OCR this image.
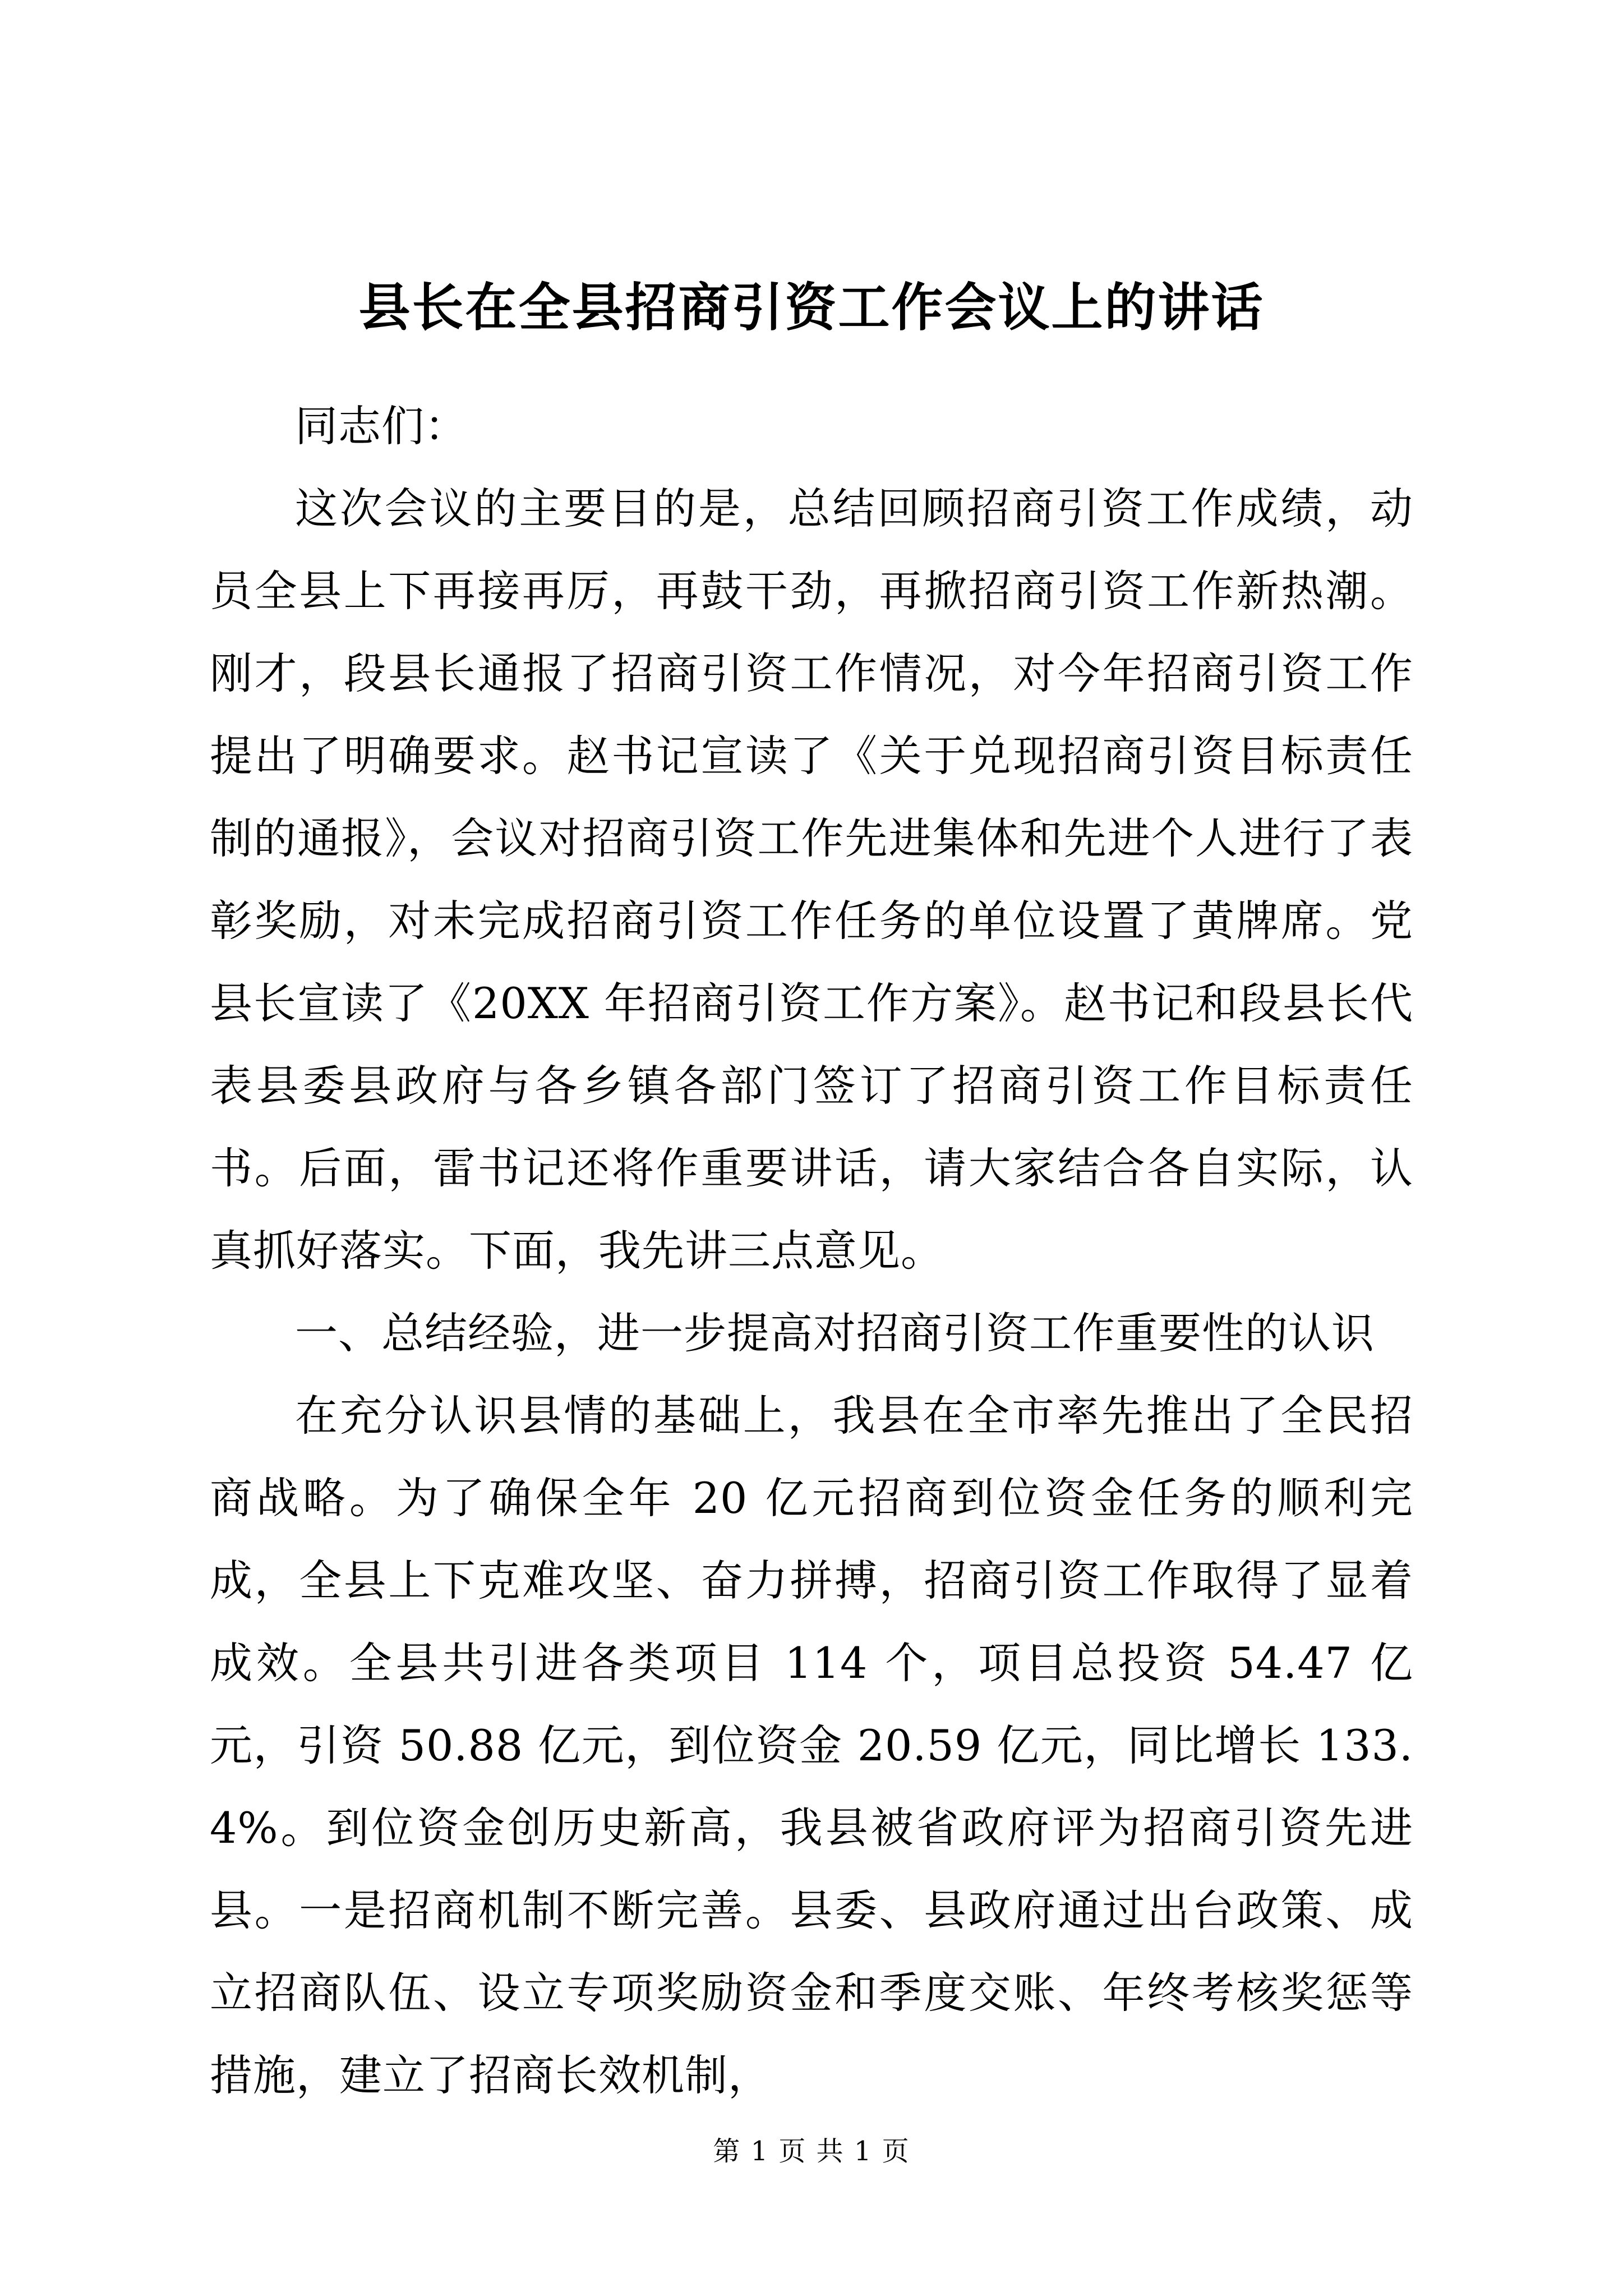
县长在全县招商引资工作会议上的讲话

同志们：

这次会议的主要目的是，总结回顾招商引资工作成绩，动员全县上下再接再厉，再鼓干劲，再掀招商引资工作新热潮。刚才，段县长通报了招商引资工作情况，对今年招商引资工作提出了明确要求。赵书记宣读了《关于兑现招商引资目标责任制的通报》，会议对招商引资工作先进集体和先进个人进行了表彰奖励，对未完成招商引资工作任务的单位设置了黄牌席。党县长宣读了《20XX 年招商引资工作方案》。赵书记和段县长代表县委县政府与各乡镇各部门签订了招商引资工作目标责任书。后面，雷书记还将作重要讲话，请大家结合各自实际，认真抓好落实。下面，我先讲三点意见。

一、总结经验，进一步提高对招商引资工作重要性的认识

在充分认识县情的基础上，我县在全市率先推出了全民招商战略。为了确保全年 20 亿元招商到位资金任务的顺利完成，全县上下克难攻坚、奋力拼搏，招商引资工作取得了显着成效。全县共引进各类项目 114 个，项目总投资 54.47 亿元，引资 50.88 亿元，到位资金 20.59 亿元，同比增长 133.4%。到位资金创历史新高，我县被省政府评为招商引资先进县。一是招商机制不断完善。县委、县政府通过出台政策、成立招商队伍、设立专项奖励资金和季度交账、年终考核奖惩等措施，建立了招商长效机制，

第 1 页 共 1 页
